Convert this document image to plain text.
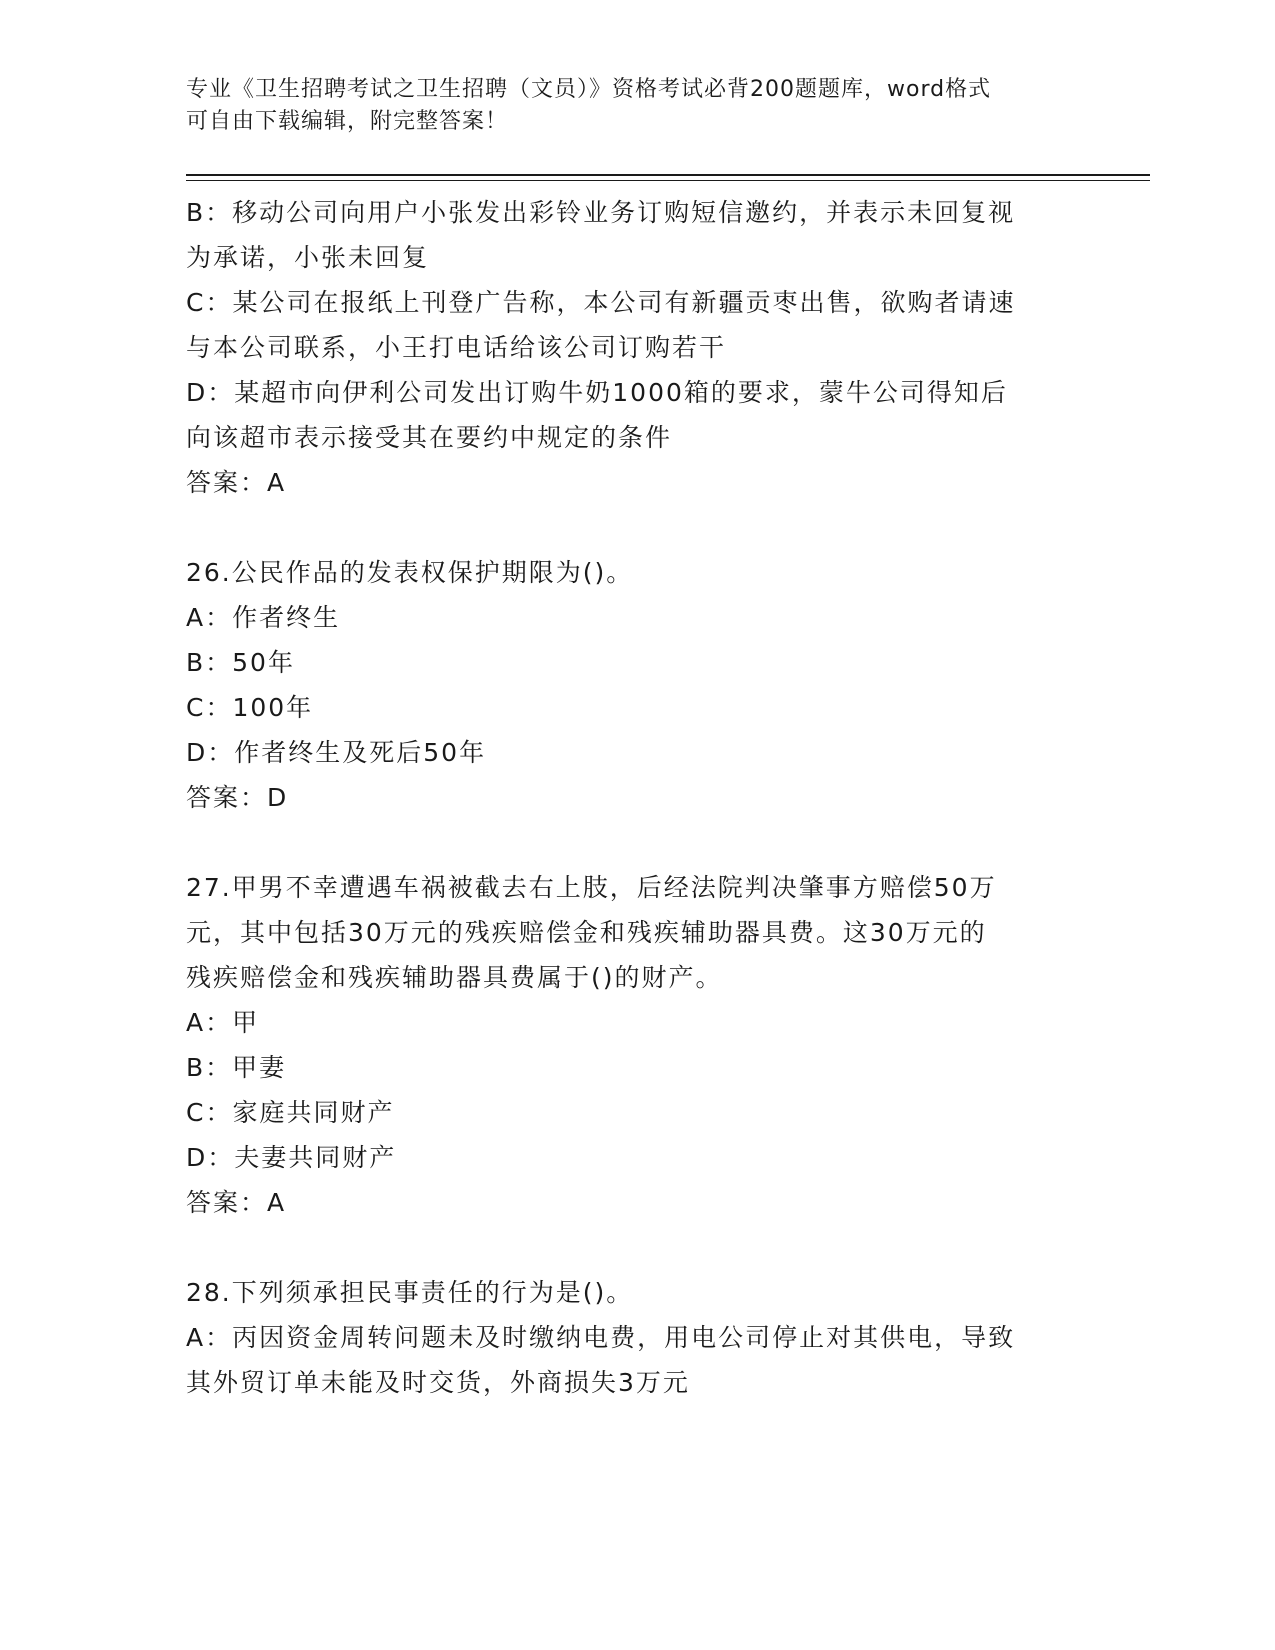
专业《卫生招聘考试之卫生招聘（文员）》资格考试必背200题题库，word格式
可自由下载编辑，附完整答案！
B：移动公司向用户小张发出彩铃业务订购短信邀约，并表示未回复视
为承诺，小张未回复
C：某公司在报纸上刊登广告称，本公司有新疆贡枣出售，欲购者请速
与本公司联系，小王打电话给该公司订购若干
D：某超市向伊利公司发出订购牛奶1000箱的要求，蒙牛公司得知后
向该超市表示接受其在要约中规定的条件
答案：A
26.公民作品的发表权保护期限为()。
A：作者终生
B：50年
C：100年
D：作者终生及死后50年
答案：D
27.甲男不幸遭遇车祸被截去右上肢，后经法院判决肇事方赔偿50万
元，其中包括30万元的残疾赔偿金和残疾辅助器具费。这30万元的
残疾赔偿金和残疾辅助器具费属于()的财产。
A：甲
B：甲妻
C：家庭共同财产
D：夫妻共同财产
答案：A
28.下列须承担民事责任的行为是()。
A：丙因资金周转问题未及时缴纳电费，用电公司停止对其供电，导致
其外贸订单未能及时交货，外商损失3万元
